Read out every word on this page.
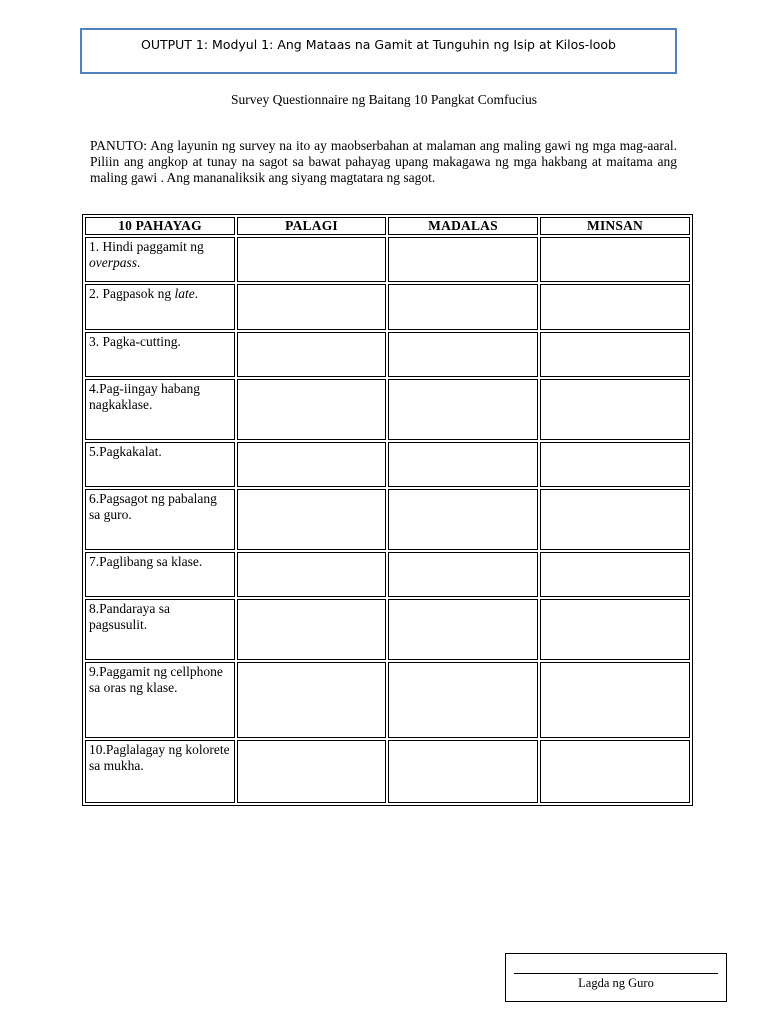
OUTPUT 1: Modyul 1: Ang Mataas na Gamit at Tunguhin ng Isip at Kilos-loob
Survey Questionnaire ng Baitang 10 Pangkat Comfucius
PANUTO: Ang layunin ng survey na ito ay maobserbahan at malaman ang maling gawi ng mga mag-aaral. Piliin ang angkop at tunay na sagot sa bawat pahayag upang makagawa ng mga hakbang at maitama ang maling gawi . Ang mananaliksik ang siyang magtatara ng sagot.
10 PAHAYAG	PALAGI	MADALAS	MINSAN
1. Hindi paggamit ng overpass.			
2. Pagpasok ng late.			
3. Pagka-cutting.			
4.Pag-iingay habang nagkaklase.			
5.Pagkakalat.			
6.Pagsagot ng pabalang sa guro.			
7.Paglibang sa klase.			
8.Pandaraya sa pagsusulit.			
9.Paggamit ng cellphone sa oras ng klase.			
10.Paglalagay ng kolorete sa mukha.			
Lagda ng Guro
